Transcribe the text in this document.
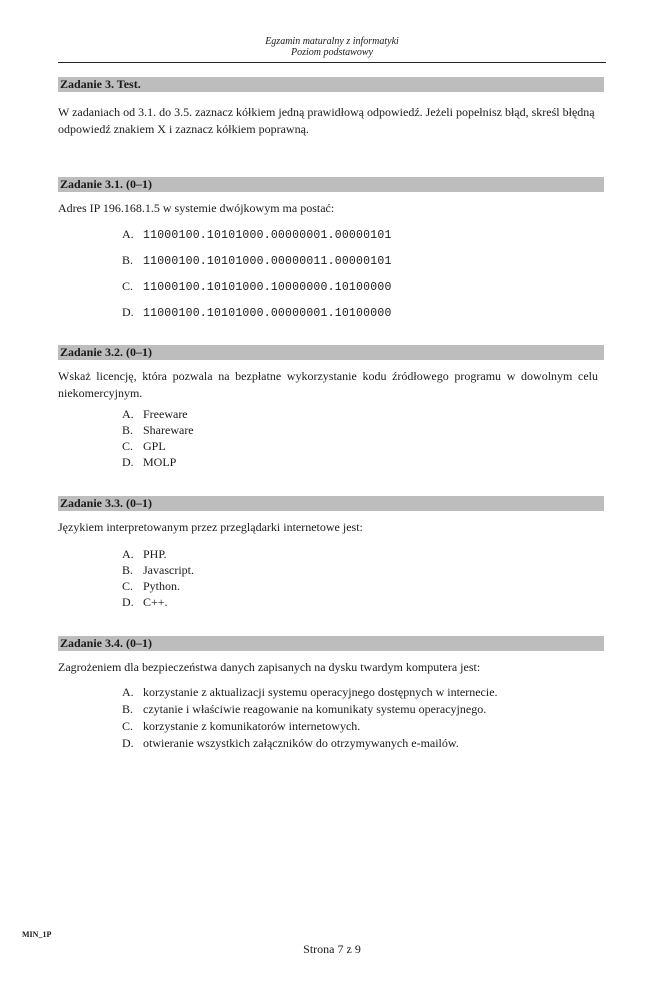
Egzamin maturalny z informatyki
Poziom podstawowy
Zadanie 3. Test.
W zadaniach od 3.1. do 3.5. zaznacz kółkiem jedną prawidłową odpowiedź. Jeżeli popełnisz błąd, skreśl błędną odpowiedź znakiem X i zaznacz kółkiem poprawną.
Zadanie 3.1. (0–1)
Adres IP 196.168.1.5 w systemie dwójkowym ma postać:
A. 11000100.10101000.00000001.00000101
B. 11000100.10101000.00000011.00000101
C. 11000100.10101000.10000000.10100000
D. 11000100.10101000.00000001.10100000
Zadanie 3.2. (0–1)
Wskaż licencję, która pozwala na bezpłatne wykorzystanie kodu źródłowego programu w dowolnym celu niekomercyjnym.
A. Freeware
B. Shareware
C. GPL
D. MOLP
Zadanie 3.3. (0–1)
Językiem interpretowanym przez przeglądarki internetowe jest:
A. PHP.
B. Javascript.
C. Python.
D. C++.
Zadanie 3.4. (0–1)
Zagrożeniem dla bezpieczeństwa danych zapisanych na dysku twardym komputera jest:
A. korzystanie z aktualizacji systemu operacyjnego dostępnych w internecie.
B. czytanie i właściwie reagowanie na komunikaty systemu operacyjnego.
C. korzystanie z komunikatorów internetowych.
D. otwieranie wszystkich załączników do otrzymywanych e-mailów.
MIN_1P
Strona 7 z 9
